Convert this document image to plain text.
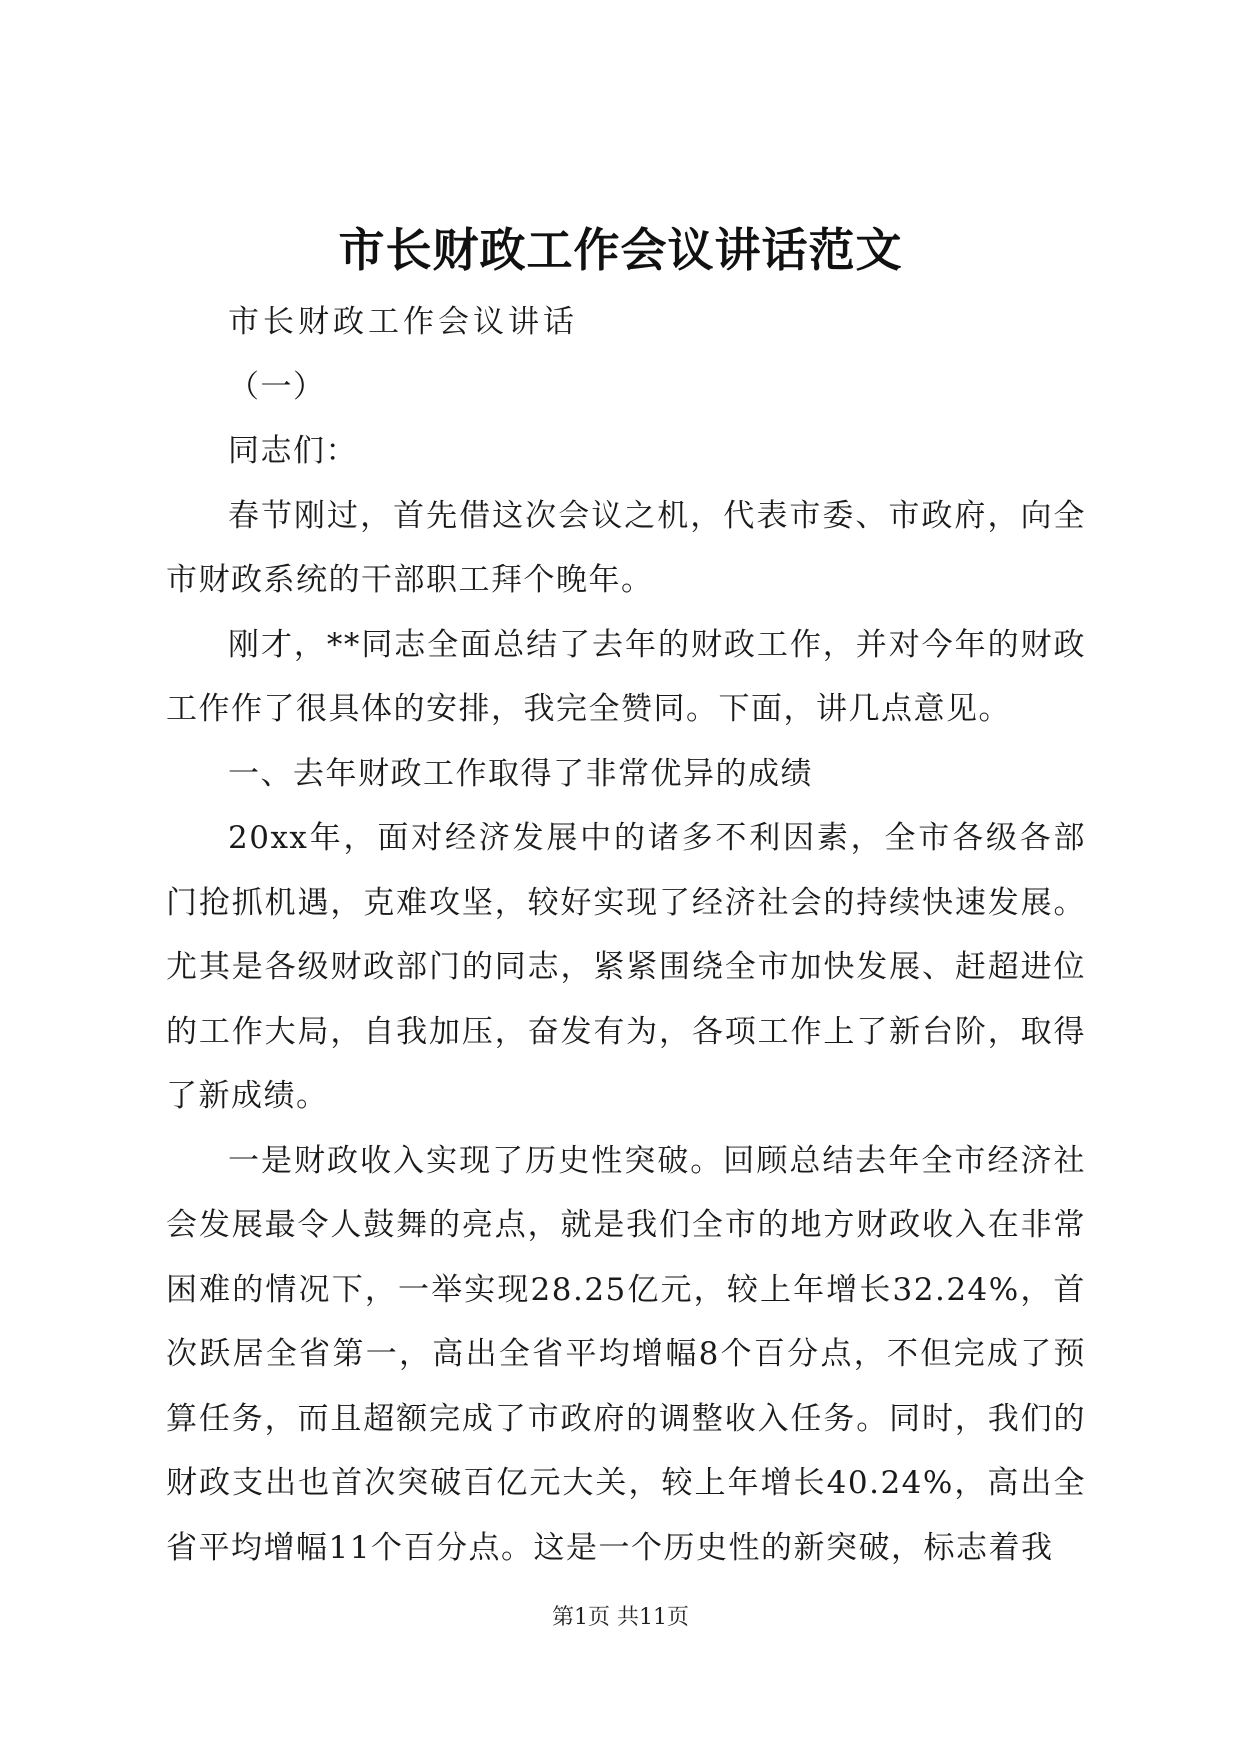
市长财政工作会议讲话范文

市长财政工作会议讲话

（一）

同志们：

春节刚过，首先借这次会议之机，代表市委、市政府，向全市财政系统的干部职工拜个晚年。

刚才，**同志全面总结了去年的财政工作，并对今年的财政工作作了很具体的安排，我完全赞同。下面，讲几点意见。

一、去年财政工作取得了非常优异的成绩

20xx年，面对经济发展中的诸多不利因素，全市各级各部门抢抓机遇，克难攻坚，较好实现了经济社会的持续快速发展。尤其是各级财政部门的同志，紧紧围绕全市加快发展、赶超进位的工作大局，自我加压，奋发有为，各项工作上了新台阶，取得了新成绩。

一是财政收入实现了历史性突破。回顾总结去年全市经济社会发展最令人鼓舞的亮点，就是我们全市的地方财政收入在非常困难的情况下，一举实现28.25亿元，较上年增长32.24%，首次跃居全省第一，高出全省平均增幅8个百分点，不但完成了预算任务，而且超额完成了市政府的调整收入任务。同时，我们的财政支出也首次突破百亿元大关，较上年增长40.24%，高出全省平均增幅11个百分点。这是一个历史性的新突破，标志着我

第1页 共11页
